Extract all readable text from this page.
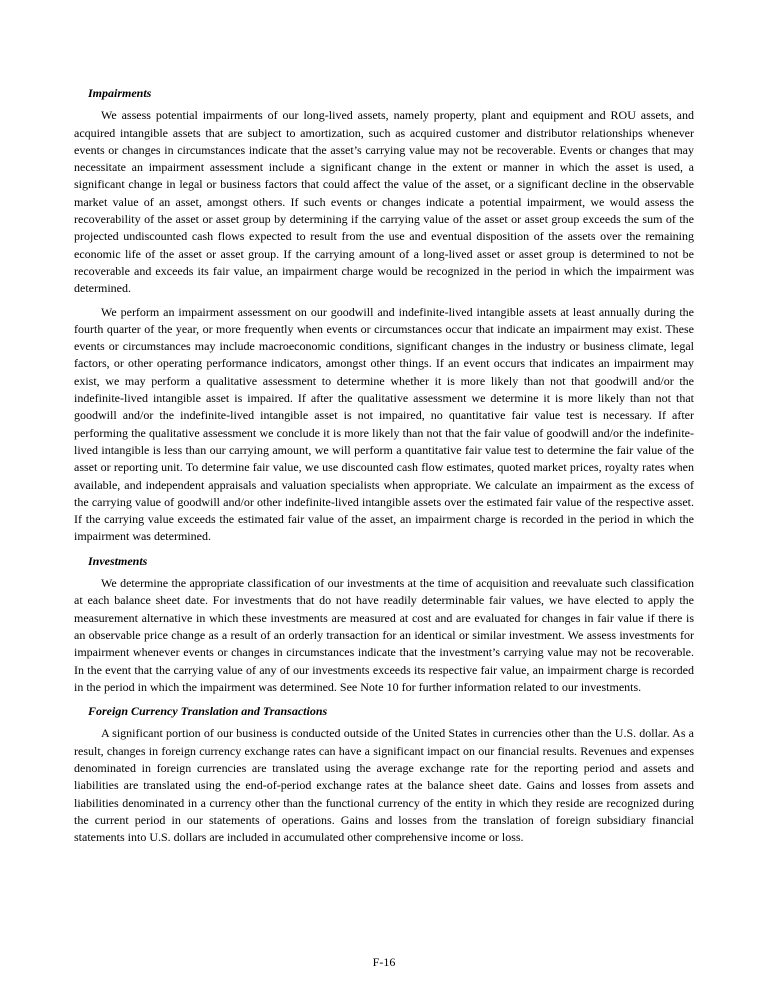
Impairments

We assess potential impairments of our long-lived assets, namely property, plant and equipment and ROU assets, and acquired intangible assets that are subject to amortization, such as acquired customer and distributor relationships whenever events or changes in circumstances indicate that the asset’s carrying value may not be recoverable. Events or changes that may necessitate an impairment assessment include a significant change in the extent or manner in which the asset is used, a significant change in legal or business factors that could affect the value of the asset, or a significant decline in the observable market value of an asset, amongst others. If such events or changes indicate a potential impairment, we would assess the recoverability of the asset or asset group by determining if the carrying value of the asset or asset group exceeds the sum of the projected undiscounted cash flows expected to result from the use and eventual disposition of the assets over the remaining economic life of the asset or asset group. If the carrying amount of a long-lived asset or asset group is determined to not be recoverable and exceeds its fair value, an impairment charge would be recognized in the period in which the impairment was determined.

We perform an impairment assessment on our goodwill and indefinite-lived intangible assets at least annually during the fourth quarter of the year, or more frequently when events or circumstances occur that indicate an impairment may exist. These events or circumstances may include macroeconomic conditions, significant changes in the industry or business climate, legal factors, or other operating performance indicators, amongst other things. If an event occurs that indicates an impairment may exist, we may perform a qualitative assessment to determine whether it is more likely than not that goodwill and/or the indefinite-lived intangible asset is impaired. If after the qualitative assessment we determine it is more likely than not that goodwill and/or the indefinite-lived intangible asset is not impaired, no quantitative fair value test is necessary. If after performing the qualitative assessment we conclude it is more likely than not that the fair value of goodwill and/or the indefinite-lived intangible is less than our carrying amount, we will perform a quantitative fair value test to determine the fair value of the asset or reporting unit. To determine fair value, we use discounted cash flow estimates, quoted market prices, royalty rates when available, and independent appraisals and valuation specialists when appropriate. We calculate an impairment as the excess of the carrying value of goodwill and/or other indefinite-lived intangible assets over the estimated fair value of the respective asset. If the carrying value exceeds the estimated fair value of the asset, an impairment charge is recorded in the period in which the impairment was determined.

Investments

We determine the appropriate classification of our investments at the time of acquisition and reevaluate such classification at each balance sheet date. For investments that do not have readily determinable fair values, we have elected to apply the measurement alternative in which these investments are measured at cost and are evaluated for changes in fair value if there is an observable price change as a result of an orderly transaction for an identical or similar investment. We assess investments for impairment whenever events or changes in circumstances indicate that the investment’s carrying value may not be recoverable. In the event that the carrying value of any of our investments exceeds its respective fair value, an impairment charge is recorded in the period in which the impairment was determined. See Note 10 for further information related to our investments.

Foreign Currency Translation and Transactions

A significant portion of our business is conducted outside of the United States in currencies other than the U.S. dollar. As a result, changes in foreign currency exchange rates can have a significant impact on our financial results. Revenues and expenses denominated in foreign currencies are translated using the average exchange rate for the reporting period and assets and liabilities are translated using the end-of-period exchange rates at the balance sheet date. Gains and losses from assets and liabilities denominated in a currency other than the functional currency of the entity in which they reside are recognized during the current period in our statements of operations. Gains and losses from the translation of foreign subsidiary financial statements into U.S. dollars are included in accumulated other comprehensive income or loss.

F-16
